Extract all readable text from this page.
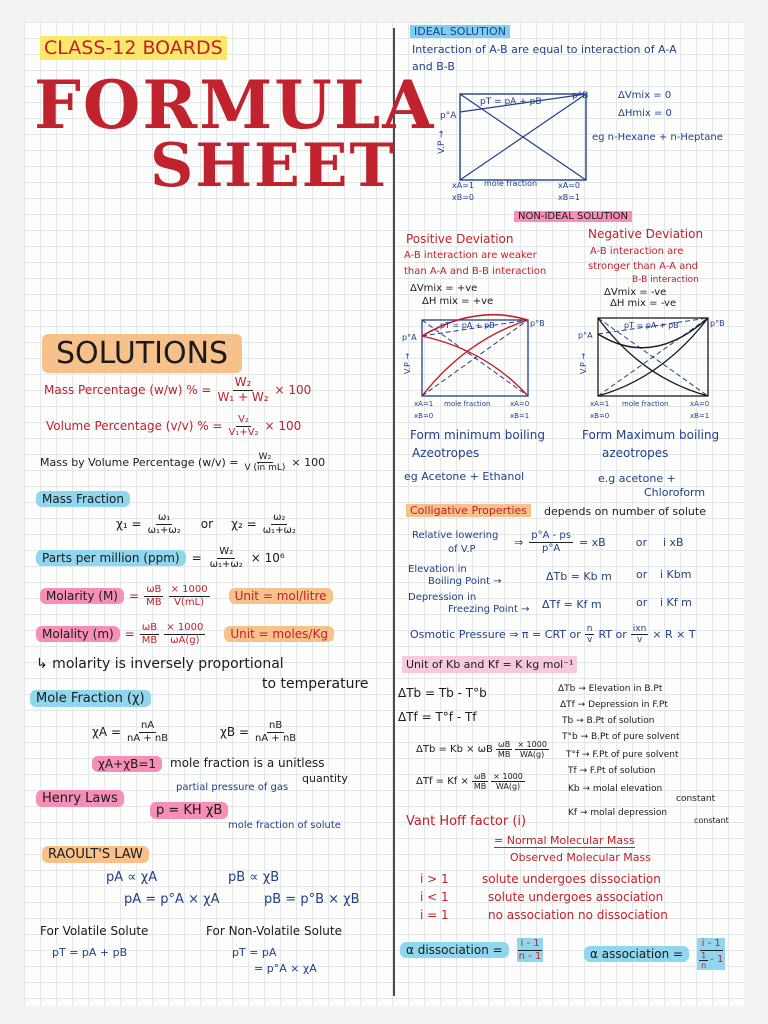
CLASS-12 BOARDS
FORMULA
SHEET
SOLUTIONS
Mass Percentage (w/w) % = $\frac{\text{W₂}}{\text{W₁ + W₂}} \times 100$
Volume Percentage (v/v) % = $\frac{\text{V₂}}{\text{V₁+V₂}} \times 100$
Mass by Volume Percentage $(w/v) = \frac{\text{W₂}}{\text{V (in mL)}} \times 100$
Mass Fraction
$\chi_1 = \frac{\text{ω₁}}{\text{ω₁+ω₂}}$ or $\chi_2 = \frac{\text{ω₂}}{\text{ω₁+ω₂}}$
Parts per million (ppm)	= $\frac{\text{W₂}}{\text{ω₁+ω₂}} \times 10^6$
Molarity $(M) = \frac{\omega B}{MB} \frac{\times 1000}{V(mL)}$	Unit = mol/litre
Molality $(m) = \frac{\omega B}{MB} \frac{\times 1000}{\omega A(g)}$	Unit = moles/Kg
↳ molarity is inversely proportional
to temperature
Mole Fraction (χ)
$\chi A = \frac{nA}{nA + nB}$	$\chi B = \frac{nB}{nA + nB}$
χA+χB=1	mole fraction is a unitless
quantity
Henry Laws
partial pressure of gas
p = KH χB
mole fraction of solute
RAOULT'S LAW
pA ∝ χA	pB ∝ χB
pA = p°A × χA	pB = p°B × χB
For Volatile Solute
pT = pA + pB
For Non-Volatile Solute
pT = pA
= p°A × χA
IDEAL SOLUTION
Interaction of A-B are equal to interaction of A-A
and B-B
pT = pA + pB
p°B
p°A
V.P →
xA=1
xB=0
mole fraction	xA=0
xB=1
ΔVmix = 0
ΔHmix = 0
eg n-Hexane + n-Heptane
NON-IDEAL SOLUTION
Positive Deviation
A-B interaction are weaker
than A-A and B-B interaction
ΔVmix = +ve
ΔH mix = +ve
Negative Deviation
A-B interaction are
stronger than A-A and
B-B interaction
ΔVmix = -ve
ΔH mix = -ve
pT = pA + pB	p°B
p°A
V.P →
xA=1
xB=0
mole fraction	xA=0
xB=1
pT = pA + pB	p°B
p°A
V.P →
xA=1
xB=0
mole fraction	xA=0
xB=1
Form minimum boiling
Azeotropes
eg Acetone + Ethanol
Form Maximum boiling
azeotropes
e.g acetone +
Chloroform
Colligative Properties	depends on number of solute
Relative lowering
of V.P
⇒ $\frac{p^\circ A - ps}{p^\circ A}$ = xB	or i xB
Elevation in
Boiling Point →	ΔTb = Kb m or i Kbm
Depression in
Freezing Point → ΔTf = Kf m	or i Kf m
Osmotic Pressure ⇒ π = CRT or $\frac{n}{v}$ RT or $\frac{\text{ixn}}{v} \times R \times T$
Unit of Kb and Kf = K kg mol⁻¹
ΔTb = Tb - T°b
ΔTf = T°f - Tf
ΔTb = Kb × ωB $\frac{\omega B}{MB} \frac{\times 1000}{WA(g)}$
$\Delta Tf = Kf \times \frac{\omega B}{MB} \frac{\times 1000}{WA(g)}$
ΔTb → Elevation in B.Pt
ΔTf → Depression in F.Pt
Tb → B.Pt of solution
T°b → B.Pt of pure solvent
T°f → F.Pt of pure solvent
Tf → F.Pt of solution
Kb → molal elevation
constant
Kf → molal depression
constant
Vant Hoff factor (i)
= Normal Molecular Mass
Observed Molecular Mass
i > 1	solute undergoes dissociation
i < 1	solute undergoes association
i = 1	no association no dissociation
α dissociation =	$\frac{i - 1}{n - 1}$	α association =	$\frac{i - 1}{\frac{1}{n} - 1}$
